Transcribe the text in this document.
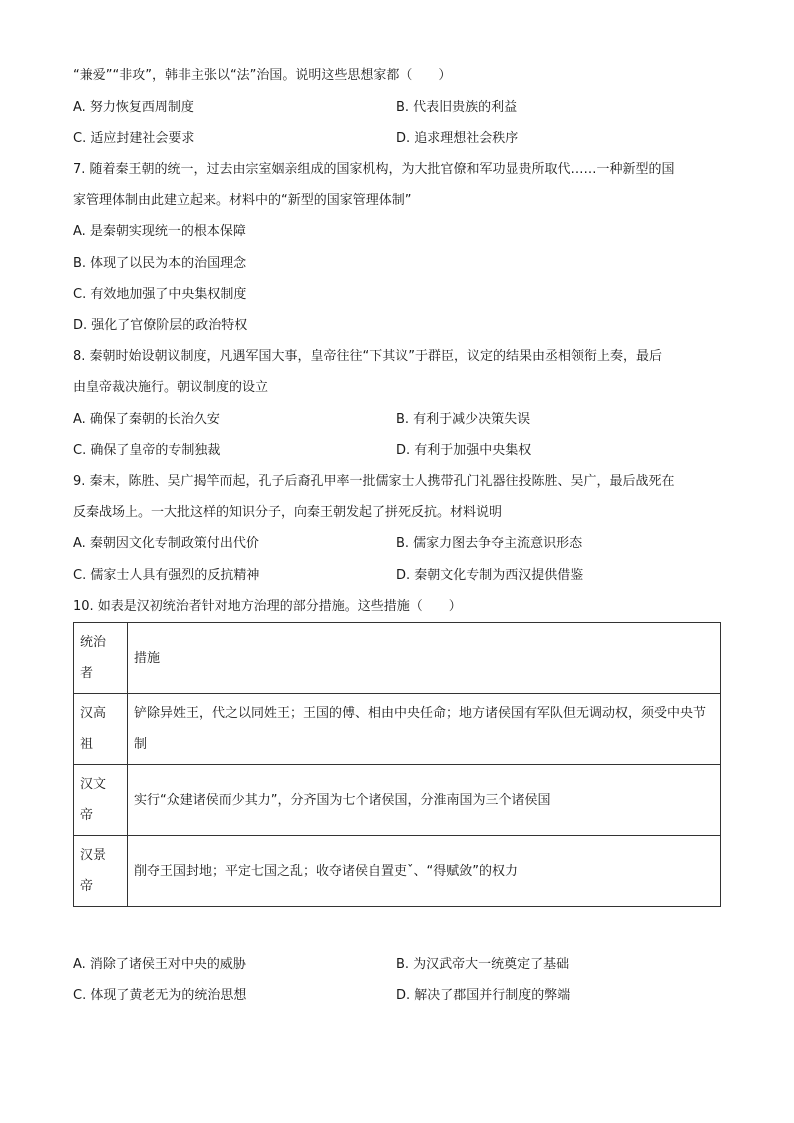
“兼爱”“非攻”，韩非主张以“法”治国。说明这些思想家都（　　）
A. 努力恢复西周制度	B. 代表旧贵族的利益
C. 适应封建社会要求	D. 追求理想社会秩序
7. 随着秦王朝的统一，过去由宗室姻亲组成的国家机构，为大批官僚和军功显贵所取代……一种新型的国
家管理体制由此建立起来。材料中的“新型的国家管理体制”
A. 是秦朝实现统一的根本保障
B. 体现了以民为本的治国理念
C. 有效地加强了中央集权制度
D. 强化了官僚阶层的政治特权
8. 秦朝时始设朝议制度，凡遇军国大事，皇帝往往“下其议”于群臣，议定的结果由丞相领衔上奏，最后
由皇帝裁决施行。朝议制度的设立
A. 确保了秦朝的长治久安	B. 有利于减少决策失误
C. 确保了皇帝的专制独裁	D. 有利于加强中央集权
9. 秦末，陈胜、吴广揭竿而起，孔子后裔孔甲率一批儒家士人携带孔门礼器往投陈胜、吴广，最后战死在
反秦战场上。一大批这样的知识分子，向秦王朝发起了拼死反抗。材料说明
A. 秦朝因文化专制政策付出代价	B. 儒家力图去争夺主流意识形态
C. 儒家士人具有强烈的反抗精神	D. 秦朝文化专制为西汉提供借鉴
10. 如表是汉初统治者针对地方治理的部分措施。这些措施（　　）
统治者	措施

汉高祖	铲除异姓王，代之以同姓王；王国的傅、相由中央任命；地方诸侯国有军队但无调动权，须受中央节制

汉文帝	实行“众建诸侯而少其力”，分齐国为七个诸侯国，分淮南国为三个诸侯国

汉景帝	削夺王国封地；平定七国之乱；收夺诸侯自置吏ˇ、“得赋敛”的权力
A. 消除了诸侯王对中央的威胁	B. 为汉武帝大一统奠定了基础
C. 体现了黄老无为的统治思想	D. 解决了郡国并行制度的弊端
